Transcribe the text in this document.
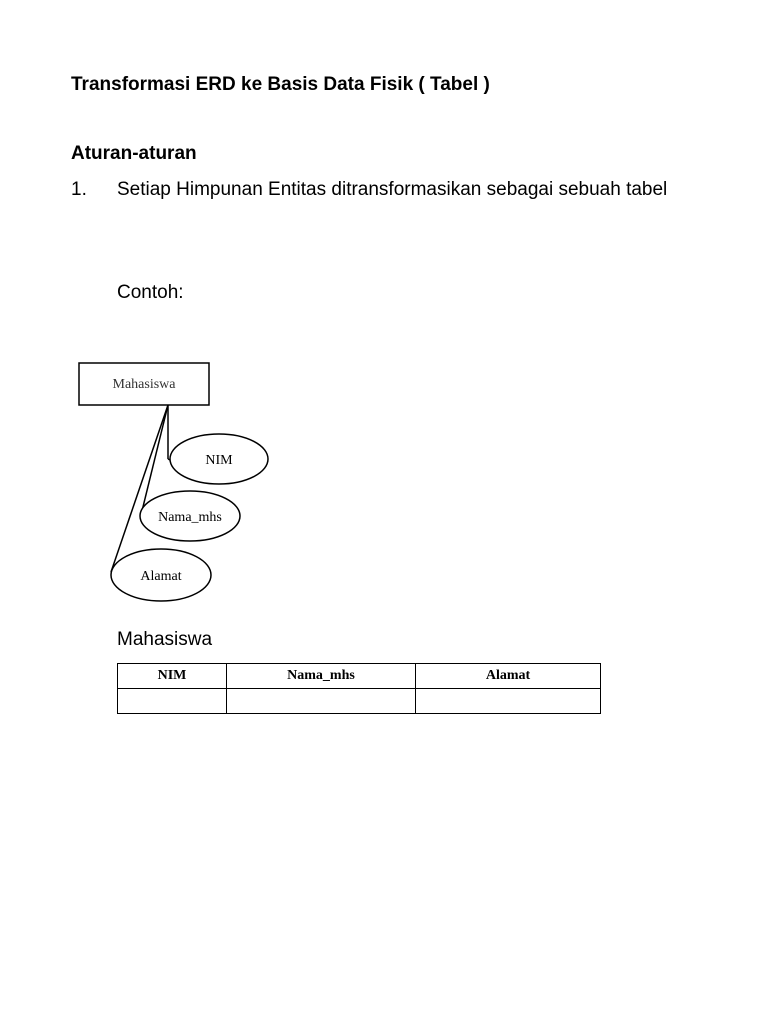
Transformasi ERD ke Basis Data Fisik ( Tabel )
Aturan-aturan
1. Setiap Himpunan Entitas ditransformasikan sebagai sebuah tabel
Contoh:
Mahasiswa
NIM
Nama_mhs
Alamat
Mahasiswa
NIM	Nama_mhs	Alamat
